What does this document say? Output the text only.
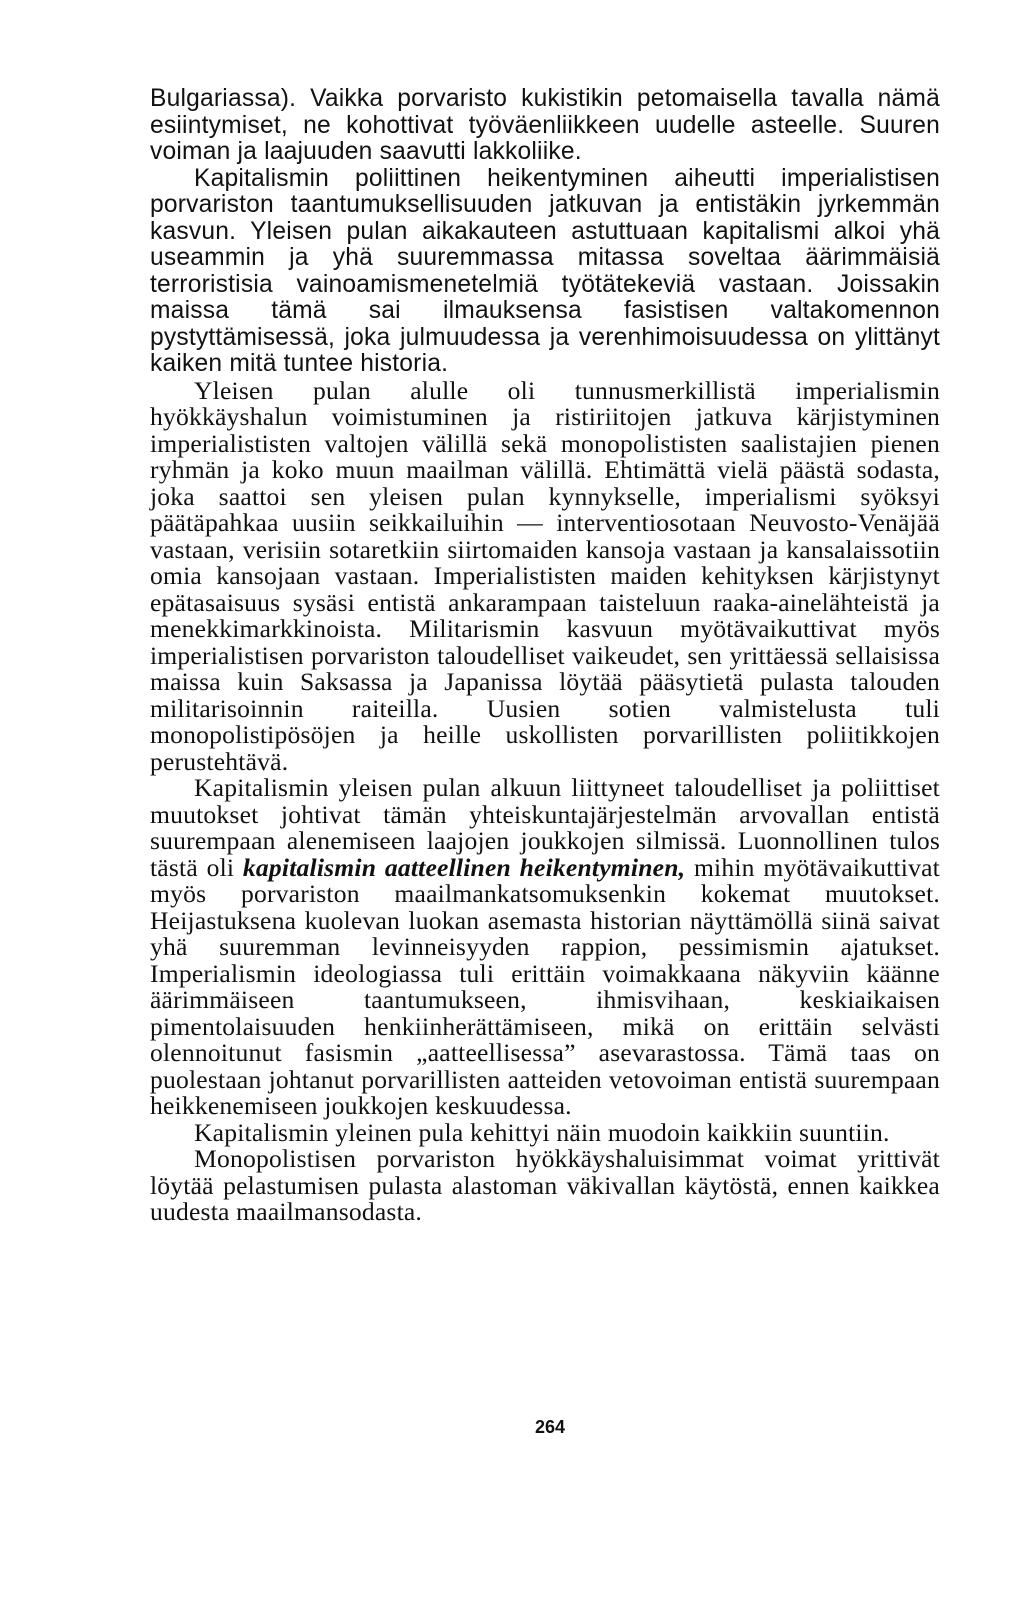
Bulgariassa). Vaikka porvaristo kukistikin petomaisella tavalla nämä esiintymiset, ne kohottivat työväenliikkeen uudelle asteelle. Suuren voiman ja laajuuden saavutti lakkoliike.

Kapitalismin poliittinen heikentyminen aiheutti imperialistisen porvariston taantumuksellisuuden jatkuvan ja entistäkin jyrkemmän kasvun. Yleisen pulan aikakauteen astuttuaan kapitalismi alkoi yhä useammin ja yhä suuremmassa mitassa soveltaa äärimmäisiä terroristisia vainoamismenetelmiä työtätekeviä vastaan. Joissakin maissa tämä sai ilmauksensa fasistisen valtakomennon pystyttämisessä, joka julmuudessa ja verenhimoisuudessa on ylittänyt kaiken mitä tuntee historia.

Yleisen pulan alulle oli tunnusmerkillistä imperialismin hyökkäyshalun voimistuminen ja ristiriitojen jatkuva kärjistyminen imperialististen valtojen välillä sekä monopolististen saalistajien pienen ryhmän ja koko muun maailman välillä. Ehtimättä vielä päästä sodasta, joka saattoi sen yleisen pulan kynnykselle, imperialismi syöksyi päätäpahkaa uusiin seikkailuihin — interventiosotaan Neuvosto-Venäjää vastaan, verisiin sotaretkiin siirtomaiden kansoja vastaan ja kansalaissotiin omia kansojaan vastaan. Imperialististen maiden kehityksen kärjistynyt epätasaisuus sysäsi entistä ankarampaan taisteluun raaka-ainelähteistä ja menekkimarkkinoista. Militarismin kasvuun myötävaikuttivat myös imperialistisen porvariston taloudelliset vaikeudet, sen yrittäessä sellaisissa maissa kuin Saksassa ja Japanissa löytää pääsytietä pulasta talouden militarisoinnin raiteilla. Uusien sotien valmistelusta tuli monopolistipösöjen ja heille uskollisten porvarillisten poliitikkojen perustehtävä.

Kapitalismin yleisen pulan alkuun liittyneet taloudelliset ja poliittiset muutokset johtivat tämän yhteiskuntajärjestelmän arvovallan entistä suurempaan alenemiseen laajojen joukkojen silmissä. Luonnollinen tulos tästä oli kapitalismin aatteellinen heikentyminen, mihin myötävaikuttivat myös porvariston maailmankatsomuksenkin kokemat muutokset. Heijastuksena kuolevan luokan asemasta historian näyttämöllä siinä saivat yhä suuremman levinneisyyden rappion, pessimismin ajatukset. Imperialismin ideologiassa tuli erittäin voimakkaana näkyviin käänne äärimmäiseen taantumukseen, ihmisvihaan, keskiaikaisen pimentolaisuuden henkiinherättämiseen, mikä on erittäin selvästi olennoitunut fasismin „aatteellisessa” asevarastossa. Tämä taas on puolestaan johtanut porvarillisten aatteiden vetovoiman entistä suurempaan heikkenemiseen joukkojen keskuudessa.

Kapitalismin yleinen pula kehittyi näin muodoin kaikkiin suuntiin.

Monopolistisen porvariston hyökkäyshaluisimmat voimat yrittivät löytää pelastumisen pulasta alastoman väkivallan käytöstä, ennen kaikkea uudesta maailmansodasta.

264
